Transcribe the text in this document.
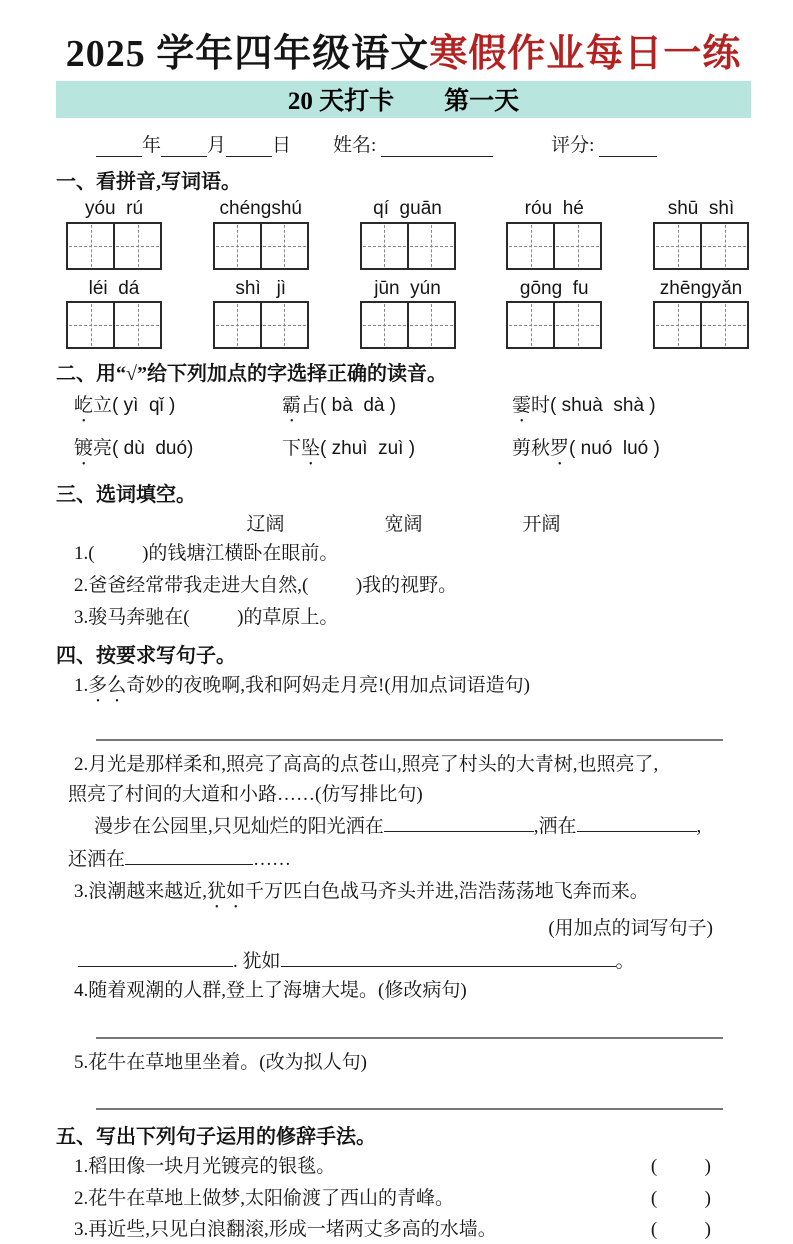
2025 学年四年级语文寒假作业每日一练
20 天打卡　　第一天
年 月 日 姓名:
	评分:

一、看拼音,写词语。
yóu  rú	chéngshú	qí  guān	róu  hé	shū  shì
léi  dá	shì   jì	jūn  yún	gōng  fu	zhēngyǎn
二、用“√”给下列加点的字选择正确的读音。
屹立( yì  qǐ )	霸占( bà  dà )	霎时( shuà  shà )
镀亮( dù  duó)	下坠( zhuì  zuì )	剪秋罗( nuó  luó )
三、选词填空。
辽阔	宽阔	开阔
1.(          )的钱塘江横卧在眼前。
2.爸爸经常带我走进大自然,(          )我的视野。
3.骏马奔驰在(          )的草原上。
四、按要求写句子。
1.多么奇妙的夜晚啊,我和阿妈走月亮!(用加点词语造句)
2.月光是那样柔和,照亮了高高的点苍山,照亮了村头的大青树,也照亮了,
照亮了村间的大道和小路……(仿写排比句)
漫步在公园里,只见灿烂的阳光洒在	,洒在	,
还洒在	……
3.浪潮越来越近,犹如千万匹白色战马齐头并进,浩浩荡荡地飞奔而来。
(用加点的词写句子)
. 犹如	。
4.随着观潮的人群,登上了海塘大堤。(修改病句)
5.花牛在草地里坐着。(改为拟人句)
五、写出下列句子运用的修辞手法。
1.稻田像一块月光镀亮的银毯。	(          )
2.花牛在草地上做梦,太阳偷渡了西山的青峰。	(          )
3.再近些,只见白浪翻滚,形成一堵两丈多高的水墙。	(          )
